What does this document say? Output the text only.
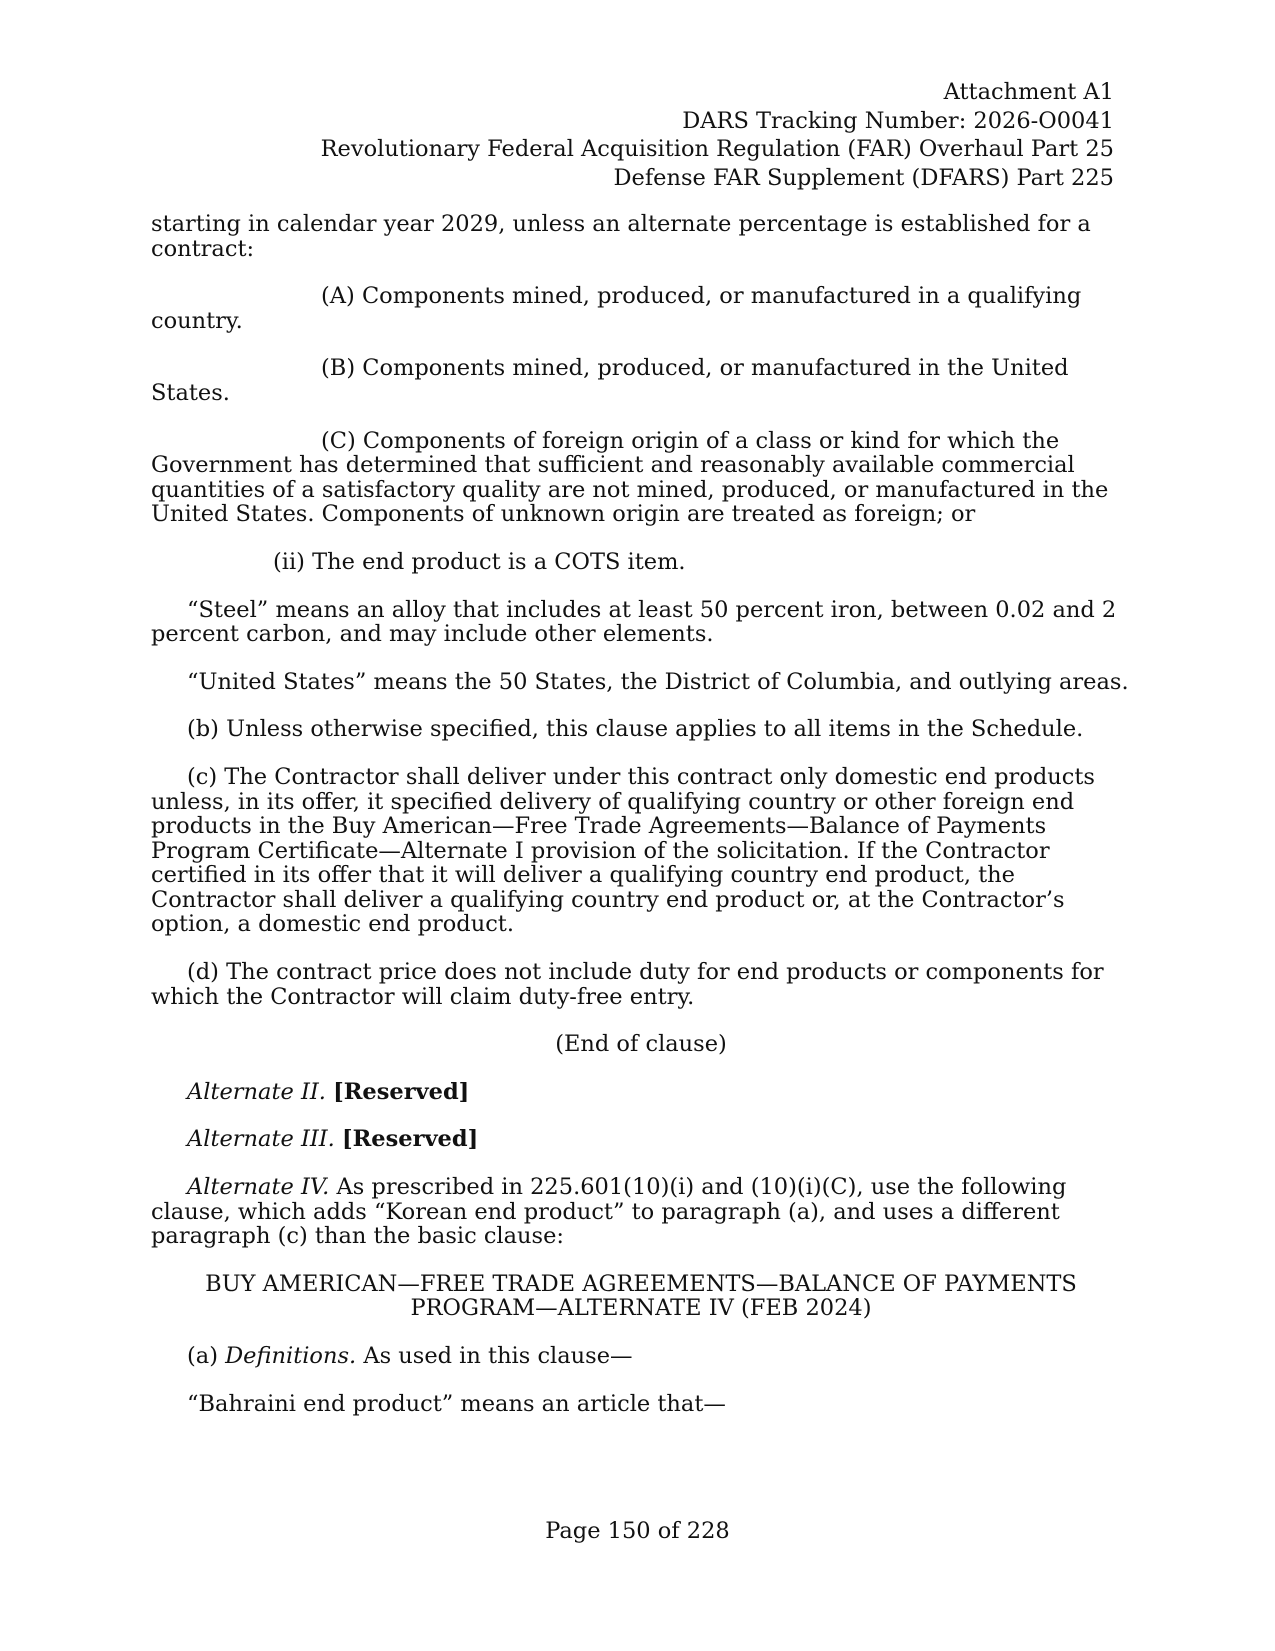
Attachment A1
DARS Tracking Number: 2026-O0041
Revolutionary Federal Acquisition Regulation (FAR) Overhaul Part 25
Defense FAR Supplement (DFARS) Part 225

starting in calendar year 2029, unless an alternate percentage is established for a contract:

(A) Components mined, produced, or manufactured in a qualifying country.

(B) Components mined, produced, or manufactured in the United States.

(C) Components of foreign origin of a class or kind for which the Government has determined that sufficient and reasonably available commercial quantities of a satisfactory quality are not mined, produced, or manufactured in the United States. Components of unknown origin are treated as foreign; or

(ii) The end product is a COTS item.

“Steel” means an alloy that includes at least 50 percent iron, between 0.02 and 2 percent carbon, and may include other elements.

“United States” means the 50 States, the District of Columbia, and outlying areas.

(b) Unless otherwise specified, this clause applies to all items in the Schedule.

(c) The Contractor shall deliver under this contract only domestic end products unless, in its offer, it specified delivery of qualifying country or other foreign end products in the Buy American—Free Trade Agreements—Balance of Payments Program Certificate—Alternate I provision of the solicitation. If the Contractor certified in its offer that it will deliver a qualifying country end product, the Contractor shall deliver a qualifying country end product or, at the Contractor’s option, a domestic end product.

(d) The contract price does not include duty for end products or components for which the Contractor will claim duty-free entry.

(End of clause)

Alternate II. [Reserved]

Alternate III. [Reserved]

Alternate IV. As prescribed in 225.601(10)(i) and (10)(i)(C), use the following clause, which adds “Korean end product” to paragraph (a), and uses a different paragraph (c) than the basic clause:

BUY AMERICAN—FREE TRADE AGREEMENTS—BALANCE OF PAYMENTS
PROGRAM—ALTERNATE IV (FEB 2024)

(a) Definitions. As used in this clause—

“Bahraini end product” means an article that—

Page 150 of 228
